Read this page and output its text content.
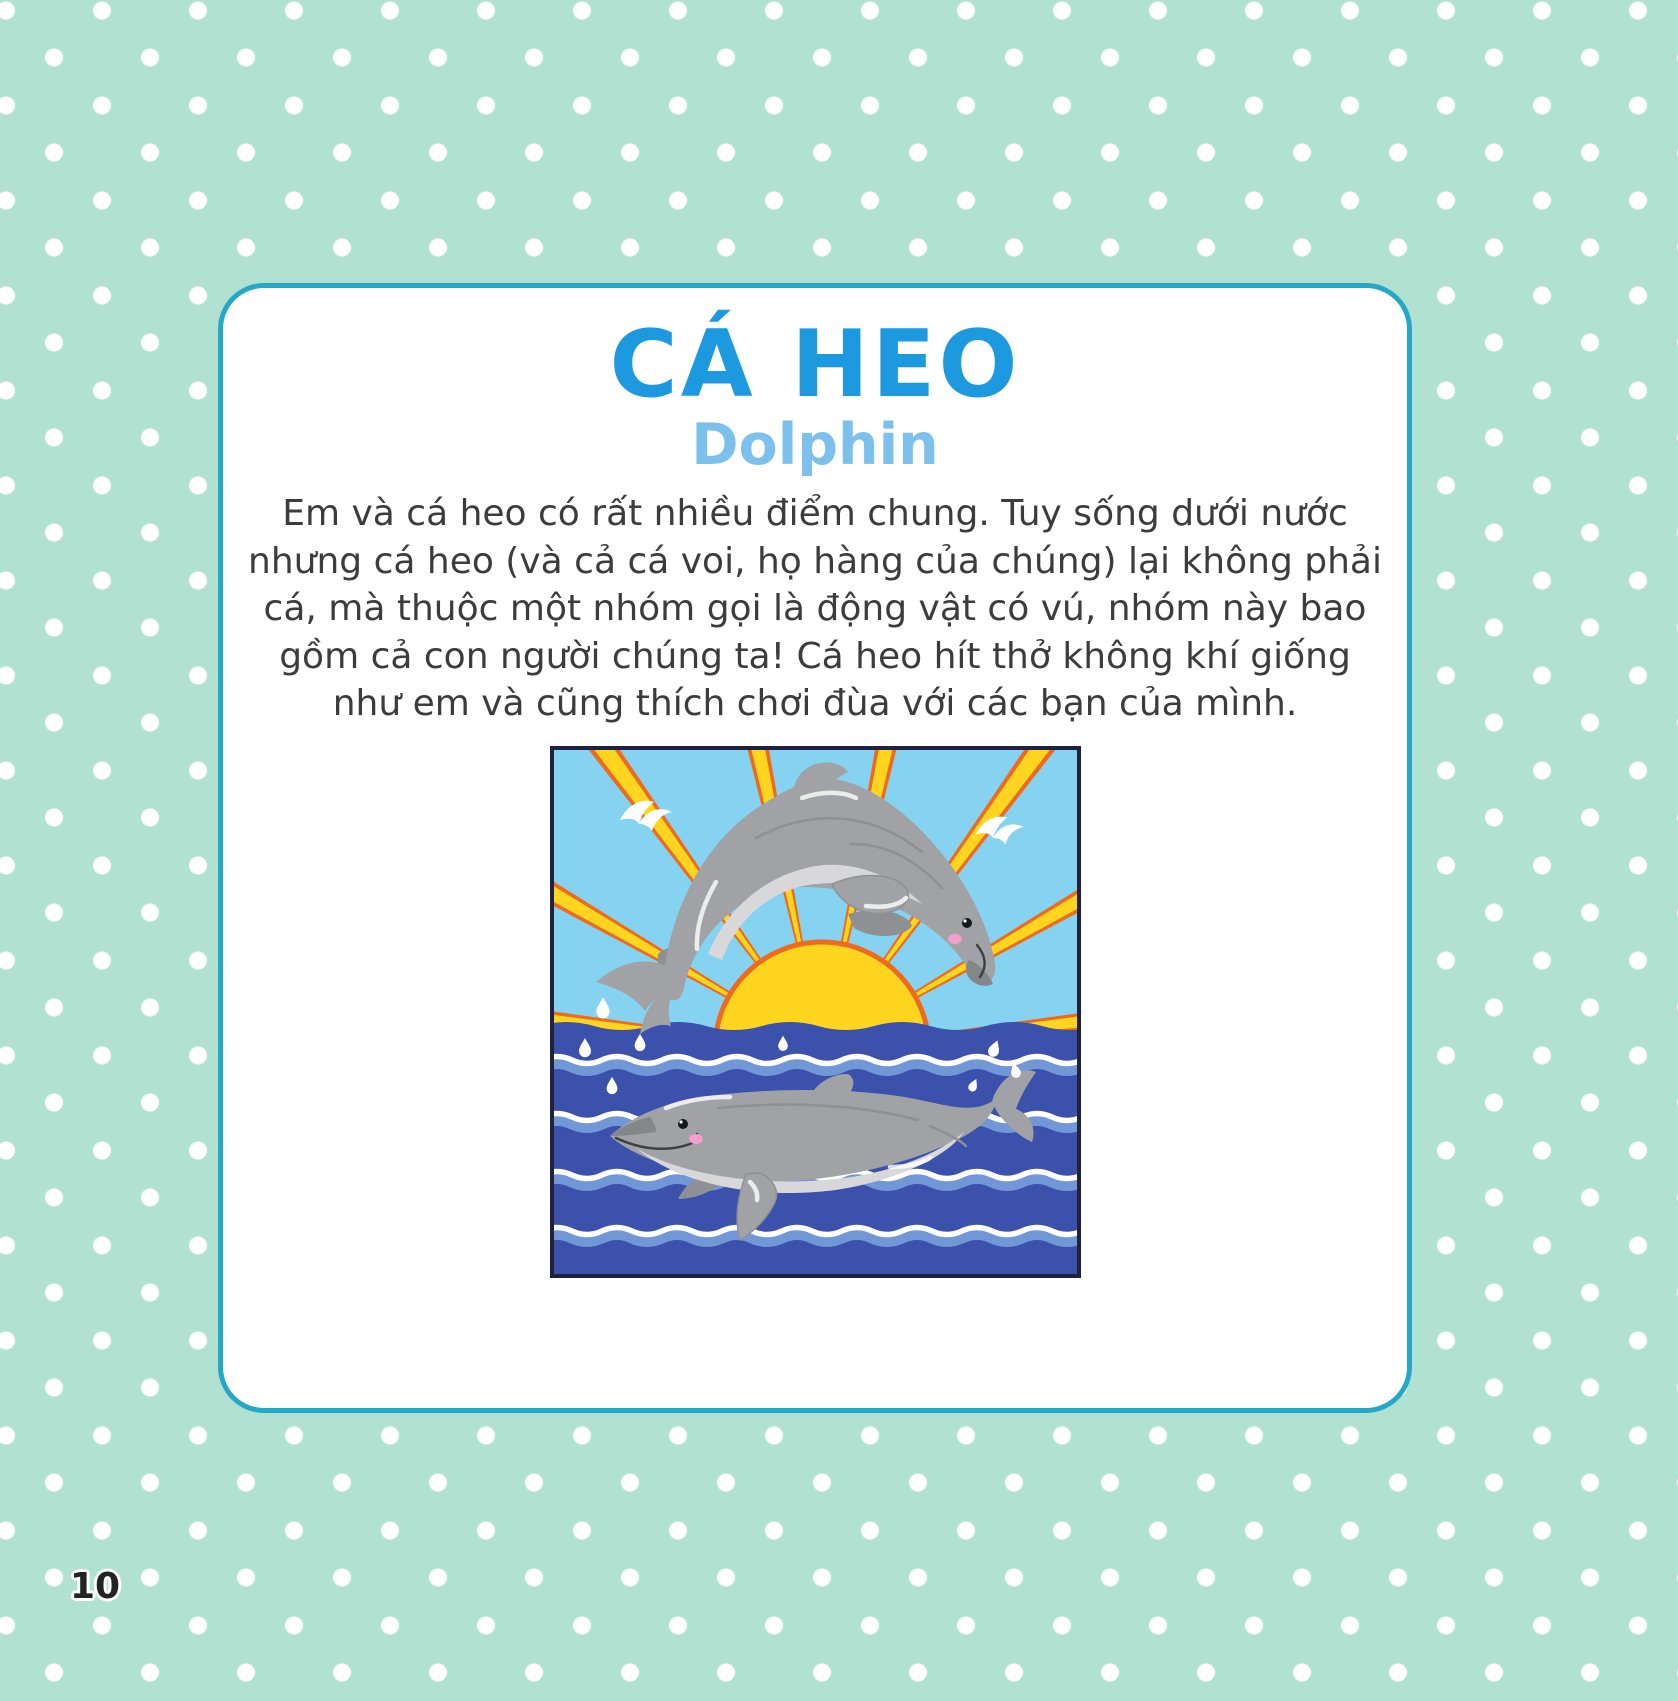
CÁ HEO
Dolphin
Em và cá heo có rất nhiều điểm chung. Tuy sống dưới nước
nhưng cá heo (và cả cá voi, họ hàng của chúng) lại không phải
cá, mà thuộc một nhóm gọi là động vật có vú, nhóm này bao
gồm cả con người chúng ta! Cá heo hít thở không khí giống
như em và cũng thích chơi đùa với các bạn của mình.
10
